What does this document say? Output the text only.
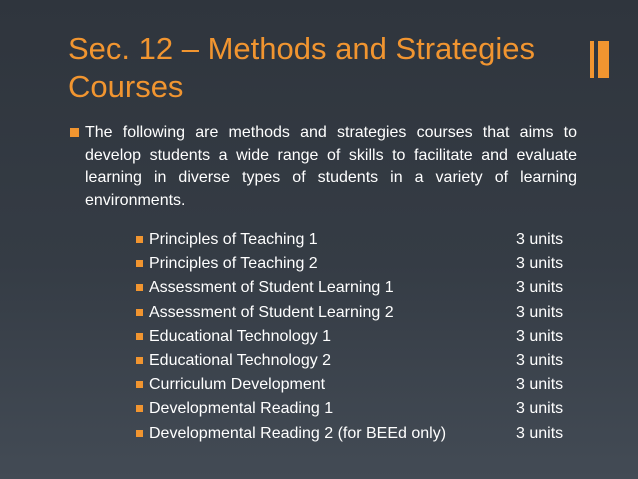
Sec. 12 – Methods and Strategies
Courses
The following are methods and strategies courses that aims to develop students a wide range of skills to facilitate and evaluate learning in diverse types of students in a variety of learning environments.
Principles of Teaching 1	3 units
Principles of Teaching 2	3 units
Assessment of Student Learning 1	3 units
Assessment of Student Learning 2	3 units
Educational Technology 1	3 units
Educational Technology 2	3 units
Curriculum Development	3 units
Developmental Reading 1	3 units
Developmental Reading 2 (for BEEd only)	3 units
